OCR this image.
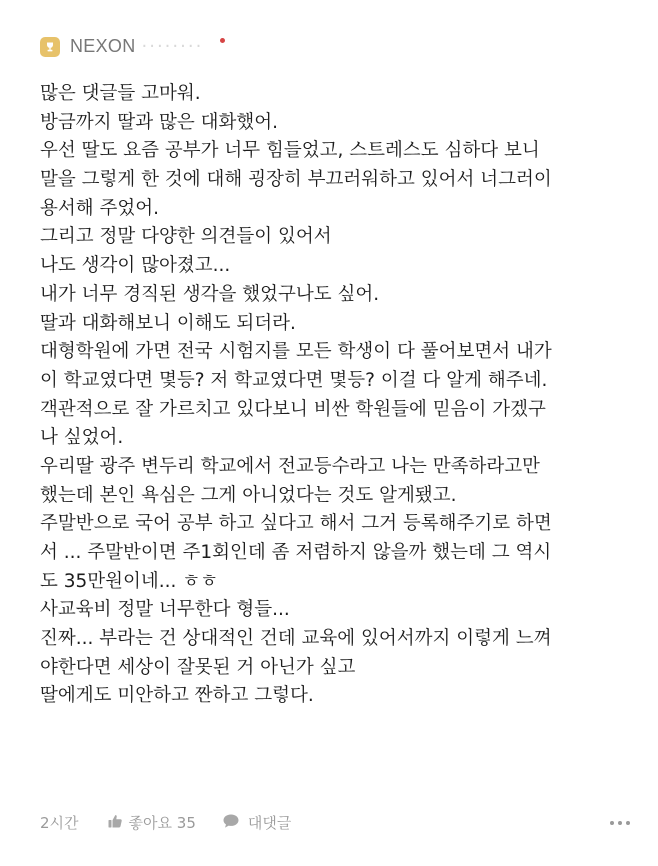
NEXON ········
많은 댓글들 고마워.
방금까지 딸과 많은 대화했어.
우선 딸도 요즘 공부가 너무 힘들었고, 스트레스도 심하다 보니
말을 그렇게 한 것에 대해 굉장히 부끄러워하고 있어서 너그러이
용서해 주었어.
그리고 정말 다양한 의견들이 있어서
나도 생각이 많아졌고...
내가 너무 경직된 생각을 했었구나도 싶어.
딸과 대화해보니 이해도 되더라.
대형학원에 가면 전국 시험지를 모든 학생이 다 풀어보면서 내가
이 학교였다면 몇등? 저 학교였다면 몇등? 이걸 다 알게 해주네.
객관적으로 잘 가르치고 있다보니 비싼 학원들에 믿음이 가겠구
나 싶었어.
우리딸 광주 변두리 학교에서 전교등수라고 나는 만족하라고만
했는데 본인 욕심은 그게 아니었다는 것도 알게됐고.
주말반으로 국어 공부 하고 싶다고 해서 그거 등록해주기로 하면
서 ... 주말반이면 주1회인데 좀 저렴하지 않을까 했는데 그 역시
도 35만원이네... ㅎㅎ
사교육비 정말 너무한다 형들...
진짜... 부라는 건 상대적인 건데 교육에 있어서까지 이렇게 느껴
야한다면 세상이 잘못된 거 아닌가 싶고
딸에게도 미안하고 짠하고 그렇다.
2시간	좋아요 35	대댓글
